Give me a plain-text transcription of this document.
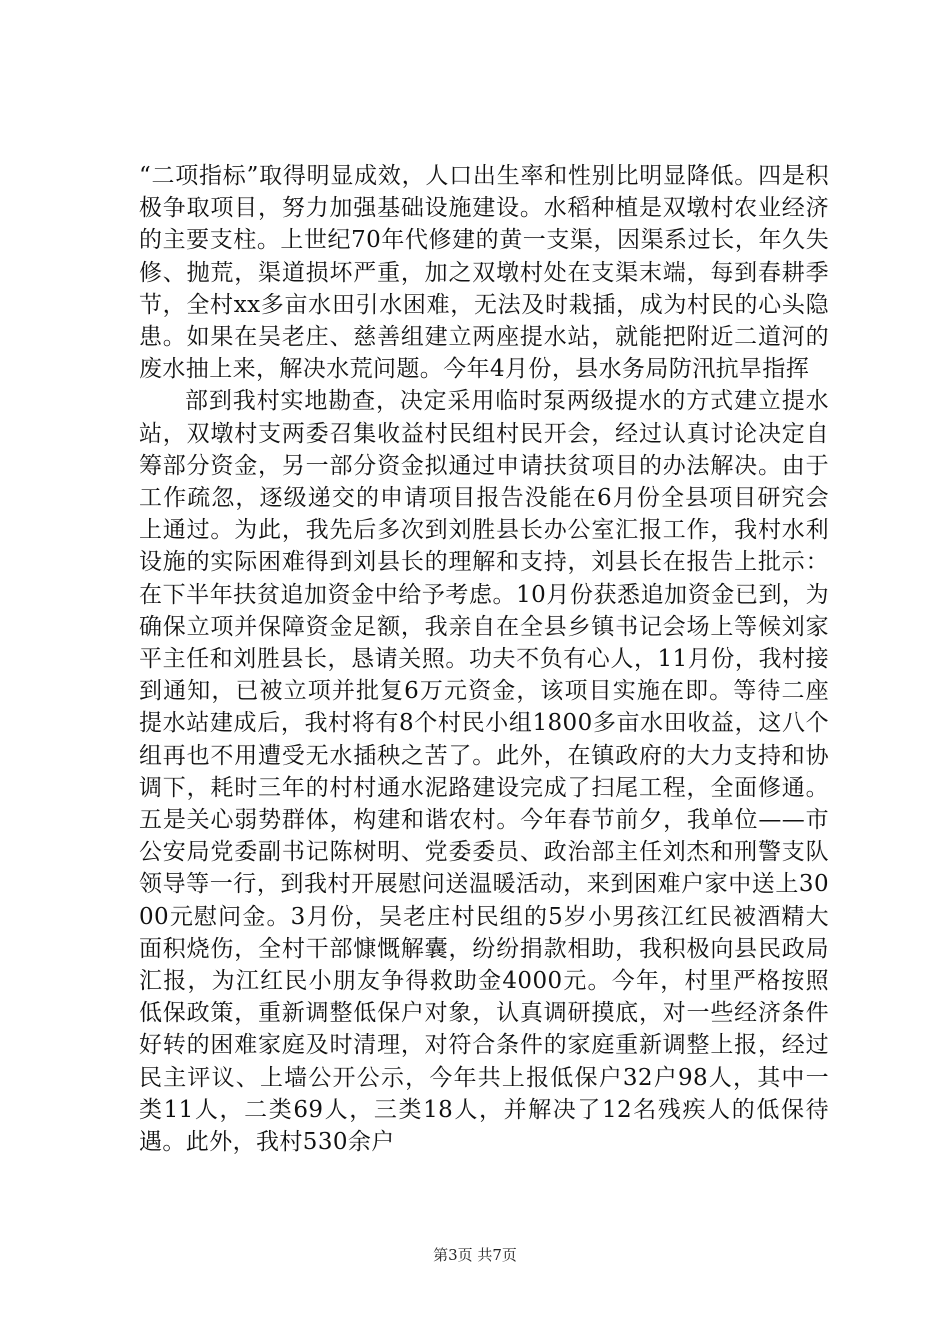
“二项指标”取得明显成效，人口出生率和性别比明显降低。四是积极争取项目，努力加强基础设施建设。水稻种植是双墩村农业经济的主要支柱。上世纪70年代修建的黄一支渠，因渠系过长，年久失修、抛荒，渠道损坏严重，加之双墩村处在支渠末端，每到春耕季节，全村xx多亩水田引水困难，无法及时栽插，成为村民的心头隐患。如果在吴老庄、慈善组建立两座提水站，就能把附近二道河的废水抽上来，解决水荒问题。今年4月份，县水务局防汛抗旱指挥

部到我村实地勘查，决定采用临时泵两级提水的方式建立提水站，双墩村支两委召集收益村民组村民开会，经过认真讨论决定自筹部分资金，另一部分资金拟通过申请扶贫项目的办法解决。由于工作疏忽，逐级递交的申请项目报告没能在6月份全县项目研究会上通过。为此，我先后多次到刘胜县长办公室汇报工作，我村水利设施的实际困难得到刘县长的理解和支持，刘县长在报告上批示：在下半年扶贫追加资金中给予考虑。10月份获悉追加资金已到，为确保立项并保障资金足额，我亲自在全县乡镇书记会场上等候刘家平主任和刘胜县长，恳请关照。功夫不负有心人，11月份，我村接到通知，已被立项并批复6万元资金，该项目实施在即。等待二座提水站建成后，我村将有8个村民小组1800多亩水田收益，这八个组再也不用遭受无水插秧之苦了。此外，在镇政府的大力支持和协调下，耗时三年的村村通水泥路建设完成了扫尾工程，全面修通。五是关心弱势群体，构建和谐农村。今年春节前夕，我单位——市公安局党委副书记陈树明、党委委员、政治部主任刘杰和刑警支队领导等一行，到我村开展慰问送温暖活动，来到困难户家中送上3000元慰问金。3月份，吴老庄村民组的5岁小男孩江红民被酒精大面积烧伤，全村干部慷慨解囊，纷纷捐款相助，我积极向县民政局汇报，为江红民小朋友争得救助金4000元。今年，村里严格按照低保政策，重新调整低保户对象，认真调研摸底，对一些经济条件好转的困难家庭及时清理，对符合条件的家庭重新调整上报，经过民主评议、上墙公开公示，今年共上报低保户32户98人，其中一类11人，二类69人，三类18人，并解决了12名残疾人的低保待遇。此外，我村530余户

第3页 共7页
